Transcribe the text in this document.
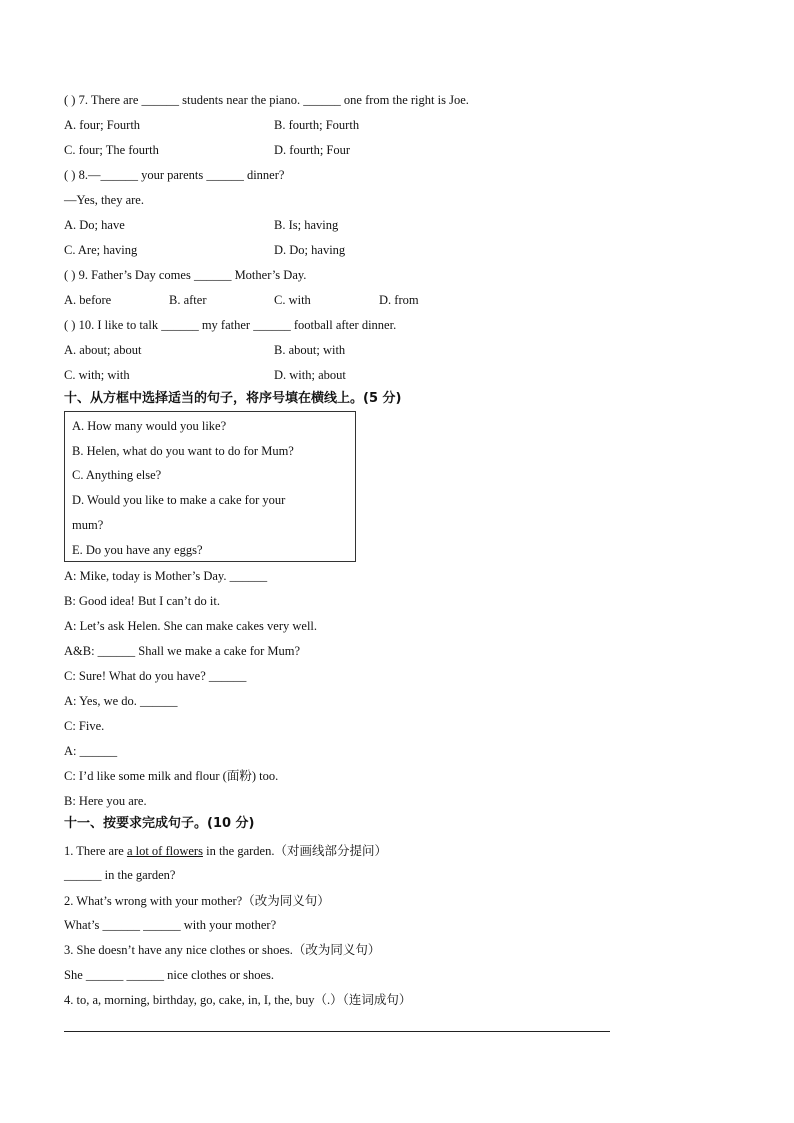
( ) 7. There are ______ students near the piano. ______ one from the right is Joe.
A. four; Fourth	B. fourth; Fourth
C. four; The fourth	D. fourth; Four
( ) 8.—______ your parents ______ dinner?
—Yes, they are.
A. Do; have	B. Is; having
C. Are; having	D. Do; having
( ) 9. Father’s Day comes ______ Mother’s Day.
A. before	B. after	C. with	D. from
( ) 10. I like to talk ______ my father ______ football after dinner.
A. about; about	B. about; with
C. with; with	D. with; about
十、从方框中选择适当的句子，将序号填在横线上。(5 分)
A. How many would you like?
B. Helen, what do you want to do for Mum?
C. Anything else?
D. Would you like to make a cake for your
mum?
E. Do you have any eggs?
A: Mike, today is Mother’s Day. ______
B: Good idea! But I can’t do it.
A: Let’s ask Helen. She can make cakes very well.
A&B: ______ Shall we make a cake for Mum?
C: Sure! What do you have? ______
A: Yes, we do. ______
C: Five.
A: ______
C: I’d like some milk and flour (面粉) too.
B: Here you are.
十一、按要求完成句子。(10 分)
1. There are a lot of flowers in the garden.（对画线部分提问）
______ in the garden?
2. What’s wrong with your mother?（改为同义句）
What’s ______ ______ with your mother?
3. She doesn’t have any nice clothes or shoes.（改为同义句）
She ______ ______ nice clothes or shoes.
4. to, a, morning, birthday, go, cake, in, I, the, buy（.）（连词成句）
